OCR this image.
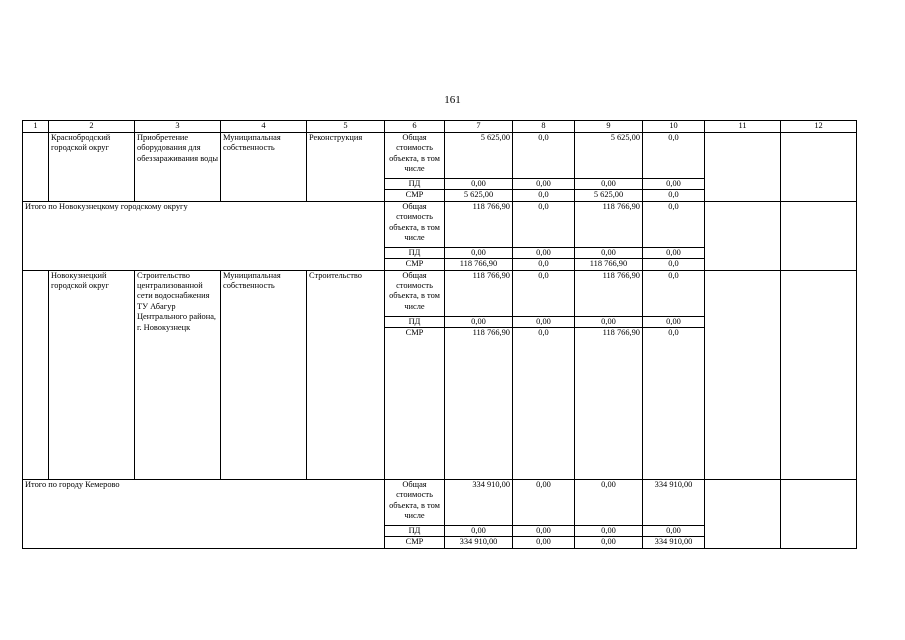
161
1	2	3	4	5	6	7	8	9	10	11	12
	Краснобродский городской округ	Приобретение оборудования для обеззараживания воды	Муниципальная собственность	Реконструкция	Общая стоимость объекта, в том числе	5 625,00	0,0	5 625,00	0,0		
					ПД	0,00	0,00	0,00	0,00		
					СМР	5 625,00	0,0	5 625,00	0,0		
Итого по Новокузнецкому городскому округу					Общая стоимость объекта, в том числе	118 766,90	0,0	118 766,90	0,0		
					ПД	0,00	0,00	0,00	0,00		
					СМР	118 766,90	0,0	118 766,90	0,0		
	Новокузнецкий городской округ	Строительство централизованной сети водоснабжения ТУ Абагур Центрального района, г. Новокузнецк	Муниципальная собственность	Строительство	Общая стоимость объекта, в том числе	118 766,90	0,0	118 766,90	0,0		
					ПД	0,00	0,00	0,00	0,00		
					СМР	118 766,90	0,0	118 766,90	0,0		
Итого по городу Кемерово					Общая стоимость объекта, в том числе	334 910,00	0,00	0,00	334 910,00		
					ПД	0,00	0,00	0,00	0,00		
					СМР	334 910,00	0,00	0,00	334 910,00		
